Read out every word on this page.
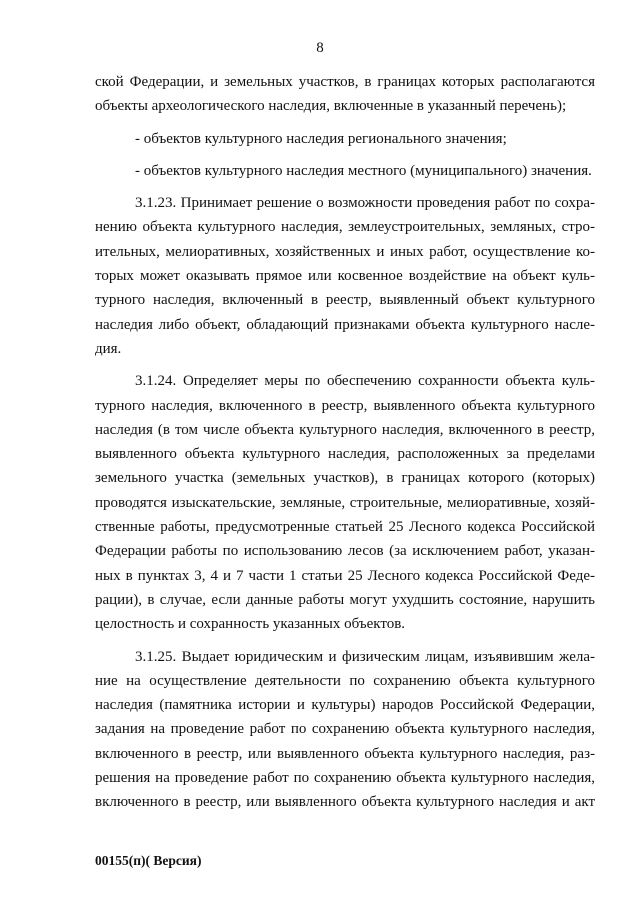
8
ской Федерации, и земельных участков, в границах которых располагаются
объекты археологического наследия, включенные в указанный перечень);
- объектов культурного наследия регионального значения;
- объектов культурного наследия местного (муниципального) значения.
3.1.23. Принимает решение о возможности проведения работ по сохра-
нению объекта культурного наследия, землеустроительных, земляных, стро-
ительных, мелиоративных, хозяйственных и иных работ, осуществление ко-
торых может оказывать прямое или косвенное воздействие на объект куль-
турного наследия, включенный в реестр, выявленный объект культурного
наследия либо объект, обладающий признаками объекта культурного насле-
дия.
3.1.24. Определяет меры по обеспечению сохранности объекта куль-
турного наследия, включенного в реестр, выявленного объекта культурного
наследия (в том числе объекта культурного наследия, включенного в реестр,
выявленного объекта культурного наследия, расположенных за пределами
земельного участка (земельных участков), в границах которого (которых)
проводятся изыскательские, земляные, строительные, мелиоративные, хозяй-
ственные работы, предусмотренные статьей 25 Лесного кодекса Российской
Федерации работы по использованию лесов (за исключением работ, указан-
ных в пунктах 3, 4 и 7 части 1 статьи 25 Лесного кодекса Российской Феде-
рации), в случае, если данные работы могут ухудшить состояние, нарушить
целостность и сохранность указанных объектов.
3.1.25. Выдает юридическим и физическим лицам, изъявившим жела-
ние на осуществление деятельности по сохранению объекта культурного
наследия (памятника истории и культуры) народов Российской Федерации,
задания на проведение работ по сохранению объекта культурного наследия,
включенного в реестр, или выявленного объекта культурного наследия, раз-
решения на проведение работ по сохранению объекта культурного наследия,
включенного в реестр, или выявленного объекта культурного наследия и акт
00155(п)( Версия)
